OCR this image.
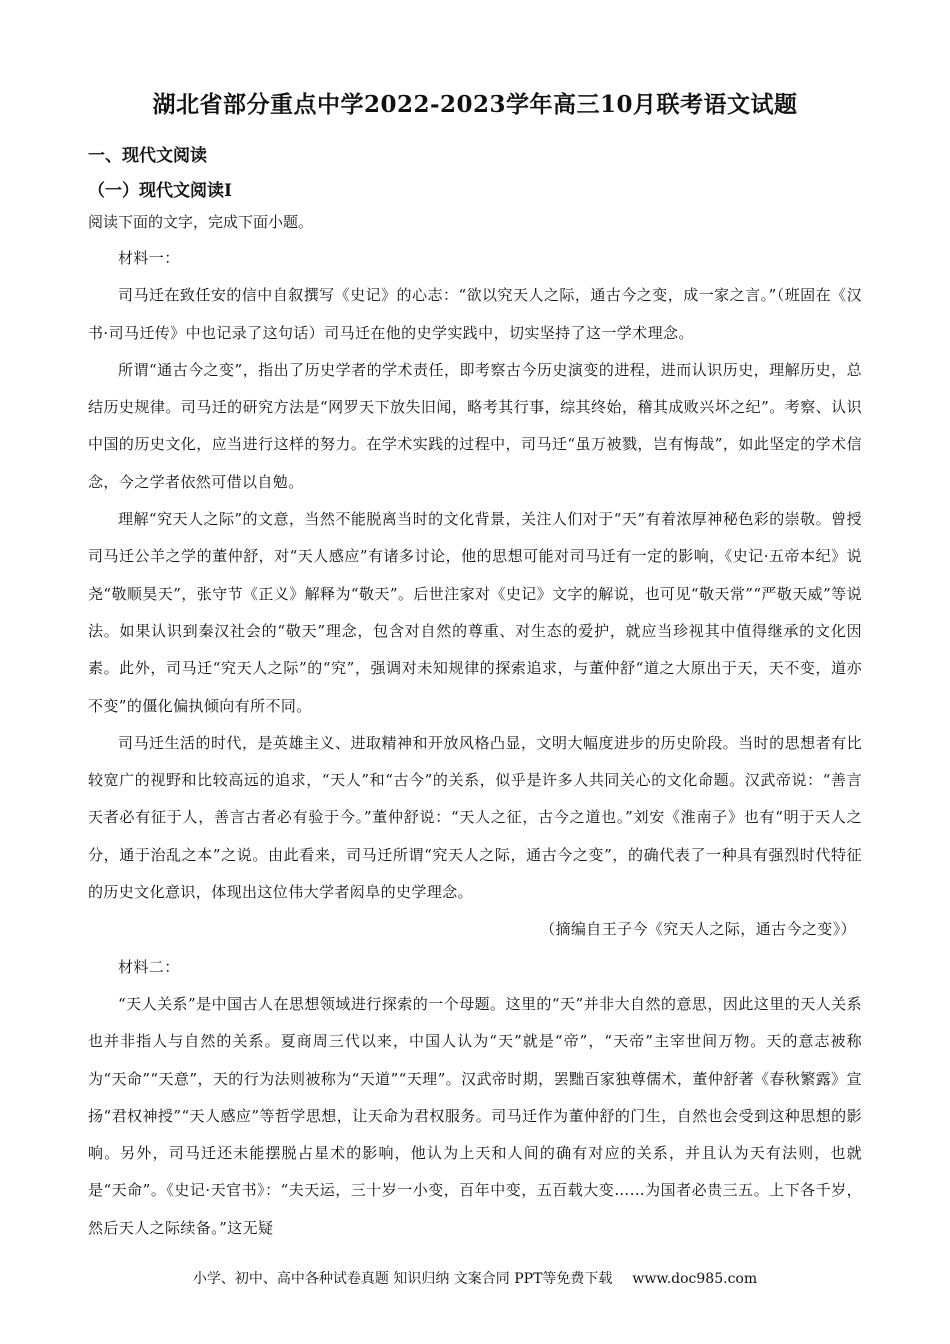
湖北省部分重点中学2022-2023学年高三10月联考语文试题
一、现代文阅读
（一）现代文阅读Ⅰ
阅读下面的文字，完成下面小题。

材料一：

司马迁在致任安的信中自叙撰写《史记》的心志：“欲以究天人之际，通古今之变，成一家之言。”（班固在《汉书·司马迁传》中也记录了这句话）司马迁在他的史学实践中，切实坚持了这一学术理念。

所谓“通古今之变”，指出了历史学者的学术责任，即考察古今历史演变的进程，进而认识历史，理解历史，总结历史规律。司马迁的研究方法是“网罗天下放失旧闻，略考其行事，综其终始，稽其成败兴坏之纪”。考察、认识中国的历史文化，应当进行这样的努力。在学术实践的过程中，司马迁“虽万被戮，岂有悔哉”，如此坚定的学术信念，今之学者依然可借以自勉。

理解“究天人之际”的文意，当然不能脱离当时的文化背景，关注人们对于“天”有着浓厚神秘色彩的崇敬。曾授司马迁公羊之学的董仲舒，对“天人感应”有诸多讨论，他的思想可能对司马迁有一定的影响，《史记·五帝本纪》说尧“敬顺昊天”，张守节《正义》解释为“敬天”。后世注家对《史记》文字的解说，也可见“敬天常”“严敬天威”等说法。如果认识到秦汉社会的“敬天”理念，包含对自然的尊重、对生态的爱护，就应当珍视其中值得继承的文化因素。此外，司马迁“究天人之际”的“究”，强调对未知规律的探索追求，与董仲舒“道之大原出于天，天不变，道亦不变”的僵化偏执倾向有所不同。

司马迁生活的时代，是英雄主义、进取精神和开放风格凸显，文明大幅度进步的历史阶段。当时的思想者有比较宽广的视野和比较高远的追求，“天人”和“古今”的关系，似乎是许多人共同关心的文化命题。汉武帝说：“善言天者必有征于人，善言古者必有验于今。”董仲舒说：“天人之征，古今之道也。”刘安《淮南子》也有“明于天人之分，通于治乱之本”之说。由此看来，司马迁所谓“究天人之际，通古今之变”，的确代表了一种具有强烈时代特征的历史文化意识，体现出这位伟大学者闳阜的史学理念。

（摘编自王子今《究天人之际，通古今之变》）

材料二：

“天人关系”是中国古人在思想领域进行探索的一个母题。这里的“天”并非大自然的意思，因此这里的天人关系也并非指人与自然的关系。夏商周三代以来，中国人认为“天”就是“帝”，“天帝”主宰世间万物。天的意志被称为“天命”“天意”，天的行为法则被称为“天道”“天理”。汉武帝时期，罢黜百家独尊儒术，董仲舒著《春秋繁露》宣扬“君权神授”“天人感应”等哲学思想，让天命为君权服务。司马迁作为董仲舒的门生，自然也会受到这种思想的影响。另外，司马迁还未能摆脱占星术的影响，他认为上天和人间的确有对应的关系，并且认为天有法则，也就是“天命”。《史记·天官书》：“夫天运，三十岁一小变，百年中变，五百载大变……为国者必贵三五。上下各千岁，然后天人之际续备。”这无疑

小学、初中、高中各种试卷真题 知识归纳 文案合同 PPT等免费下载 www.doc985.com
